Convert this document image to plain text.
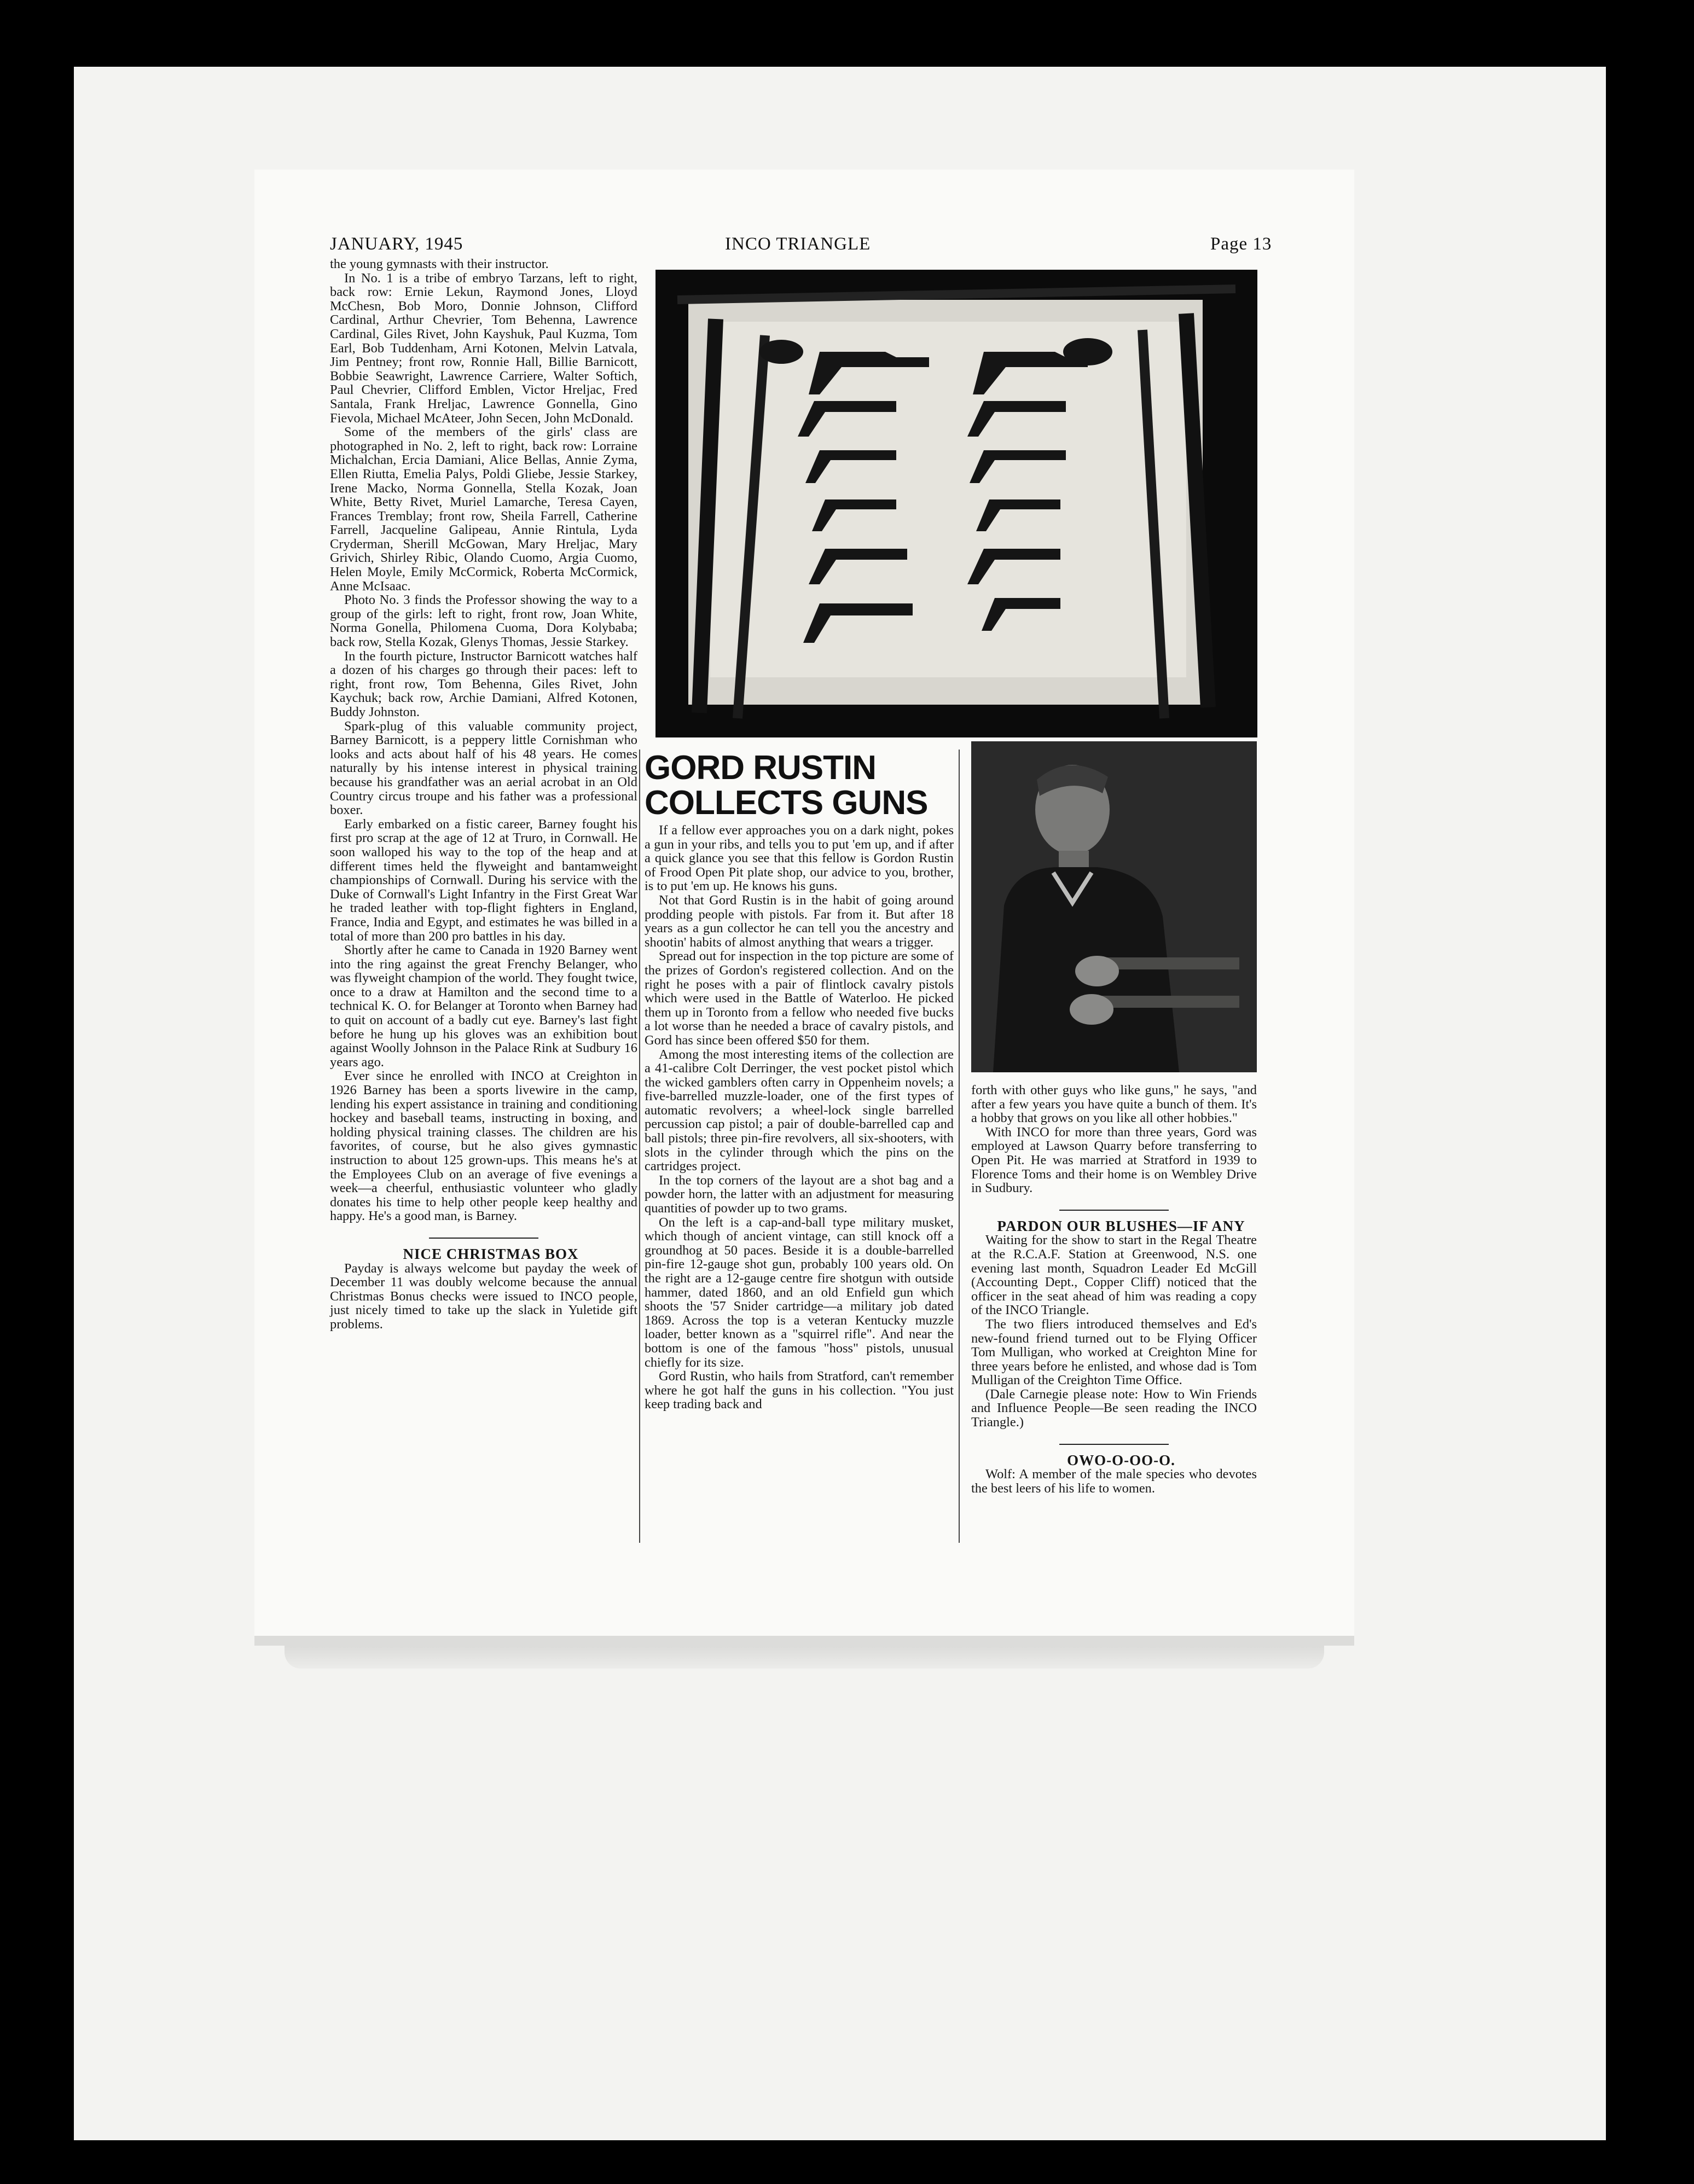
JANUARY, 1945	INCO TRIANGLE	Page 13

the young gymnasts with their instructor.

In No. 1 is a tribe of embryo Tarzans, left to right, back row: Ernie Lekun, Raymond Jones, Lloyd McChesn, Bob Moro, Donnie Johnson, Clifford Cardinal, Arthur Chevrier, Tom Behenna, Lawrence Cardinal, Giles Rivet, John Kayshuk, Paul Kuzma, Tom Earl, Bob Tuddenham, Arni Kotonen, Melvin Latvala, Jim Pentney; front row, Ronnie Hall, Billie Barnicott, Bobbie Seawright, Lawrence Carriere, Walter Softich, Paul Chevrier, Clifford Emblen, Victor Hreljac, Fred Santala, Frank Hreljac, Lawrence Gonnella, Gino Fievola, Michael McAteer, John Secen, John McDonald.

Some of the members of the girls' class are photographed in No. 2, left to right, back row: Lorraine Michalchan, Ercia Damiani, Alice Bellas, Annie Zyma, Ellen Riutta, Emelia Palys, Poldi Gliebe, Jessie Starkey, Irene Macko, Norma Gonnella, Stella Kozak, Joan White, Betty Rivet, Muriel Lamarche, Teresa Cayen, Frances Tremblay; front row, Sheila Farrell, Catherine Farrell, Jacqueline Galipeau, Annie Rintula, Lyda Cryderman, Sherill McGowan, Mary Hreljac, Mary Grivich, Shirley Ribic, Olando Cuomo, Argia Cuomo, Helen Moyle, Emily McCormick, Roberta McCormick, Anne McIsaac.

Photo No. 3 finds the Professor showing the way to a group of the girls: left to right, front row, Joan White, Norma Gonella, Philomena Cuoma, Dora Kolybaba; back row, Stella Kozak, Glenys Thomas, Jessie Starkey.

In the fourth picture, Instructor Barnicott watches half a dozen of his charges go through their paces: left to right, front row, Tom Behenna, Giles Rivet, John Kaychuk; back row, Archie Damiani, Alfred Kotonen, Buddy Johnston.

Spark-plug of this valuable community project, Barney Barnicott, is a peppery little Cornishman who looks and acts about half of his 48 years. He comes naturally by his intense interest in physical training because his grandfather was an aerial acrobat in an Old Country circus troupe and his father was a professional boxer.

Early embarked on a fistic career, Barney fought his first pro scrap at the age of 12 at Truro, in Cornwall. He soon walloped his way to the top of the heap and at different times held the flyweight and bantamweight championships of Cornwall. During his service with the Duke of Cornwall's Light Infantry in the First Great War he traded leather with top-flight fighters in England, France, India and Egypt, and estimates he was billed in a total of more than 200 pro battles in his day.

Shortly after he came to Canada in 1920 Barney went into the ring against the great Frenchy Belanger, who was flyweight champion of the world. They fought twice, once to a draw at Hamilton and the second time to a technical K. O. for Belanger at Toronto when Barney had to quit on account of a badly cut eye. Barney's last fight before he hung up his gloves was an exhibition bout against Woolly Johnson in the Palace Rink at Sudbury 16 years ago.

Ever since he enrolled with INCO at Creighton in 1926 Barney has been a sports livewire in the camp, lending his expert assistance in training and conditioning hockey and baseball teams, instructing in boxing, and holding physical training classes. The children are his favorites, of course, but he also gives gymnastic instruction to about 125 grown-ups. This means he's at the Employees Club on an average of five evenings a week—a cheerful, enthusiastic volunteer who gladly donates his time to help other people keep healthy and happy. He's a good man, is Barney.

NICE CHRISTMAS BOX

Payday is always welcome but payday the week of December 11 was doubly welcome because the annual Christmas Bonus checks were issued to INCO people, just nicely timed to take up the slack in Yuletide gift problems.

GORD RUSTIN COLLECTS GUNS

If a fellow ever approaches you on a dark night, pokes a gun in your ribs, and tells you to put 'em up, and if after a quick glance you see that this fellow is Gordon Rustin of Frood Open Pit plate shop, our advice to you, brother, is to put 'em up. He knows his guns.

Not that Gord Rustin is in the habit of going around prodding people with pistols. Far from it. But after 18 years as a gun collector he can tell you the ancestry and shootin' habits of almost anything that wears a trigger.

Spread out for inspection in the top picture are some of the prizes of Gordon's registered collection. And on the right he poses with a pair of flintlock cavalry pistols which were used in the Battle of Waterloo. He picked them up in Toronto from a fellow who needed five bucks a lot worse than he needed a brace of cavalry pistols, and Gord has since been offered $50 for them.

Among the most interesting items of the collection are a 41-calibre Colt Derringer, the vest pocket pistol which the wicked gamblers often carry in Oppenheim novels; a five-barrelled muzzle-loader, one of the first types of automatic revolvers; a wheel-lock single barrelled percussion cap pistol; a pair of double-barrelled cap and ball pistols; three pin-fire revolvers, all six-shooters, with slots in the cylinder through which the pins on the cartridges project.

In the top corners of the layout are a shot bag and a powder horn, the latter with an adjustment for measuring quantities of powder up to two grams.

On the left is a cap-and-ball type military musket, which though of ancient vintage, can still knock off a groundhog at 50 paces. Beside it is a double-barrelled pin-fire 12-gauge shot gun, probably 100 years old. On the right are a 12-gauge centre fire shotgun with outside hammer, dated 1860, and an old Enfield gun which shoots the '57 Snider cartridge—a military job dated 1869. Across the top is a veteran Kentucky muzzle loader, better known as a "squirrel rifle". And near the bottom is one of the famous "hoss" pistols, unusual chiefly for its size.

Gord Rustin, who hails from Stratford, can't remember where he got half the guns in his collection. "You just keep trading back and

forth with other guys who like guns," he says, "and after a few years you have quite a bunch of them. It's a hobby that grows on you like all other hobbies."

With INCO for more than three years, Gord was employed at Lawson Quarry before transferring to Open Pit. He was married at Stratford in 1939 to Florence Toms and their home is on Wembley Drive in Sudbury.

PARDON OUR BLUSHES—IF ANY

Waiting for the show to start in the Regal Theatre at the R.C.A.F. Station at Greenwood, N.S. one evening last month, Squadron Leader Ed McGill (Accounting Dept., Copper Cliff) noticed that the officer in the seat ahead of him was reading a copy of the INCO Triangle.

The two fliers introduced themselves and Ed's new-found friend turned out to be Flying Officer Tom Mulligan, who worked at Creighton Mine for three years before he enlisted, and whose dad is Tom Mulligan of the Creighton Time Office.

(Dale Carnegie please note: How to Win Friends and Influence People—Be seen reading the INCO Triangle.)

OWO-O-OO-O.

Wolf: A member of the male species who devotes the best leers of his life to women.
